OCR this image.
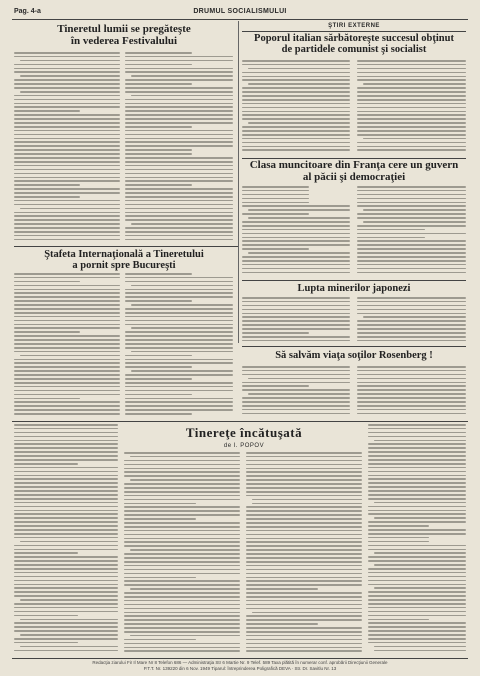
Pag. 4-a	DRUMUL SOCIALISMULUI
Tineretul lumii se pregăteşte
în vederea Festivalului
ŞTIRI EXTERNE
Poporul italian sărbătoreşte succesul obţinut
de partidele comunist şi socialist
Clasa muncitoare din Franţa cere un guvern
al păcii şi democraţiei
Ştafeta Internaţională a Tineretului
a pornit spre Bucureşti
Lupta minerilor japonezi
Să salvăm viaţa soţilor Rosenberg !
Tinereţe încătuşată
de I. POPOV
Redacţia ziarului Fir Il Mare Nr 8 Telefon 686 — Administraţia Str 6 Martie Nr. 9 Telef. 589 Taxa plătită în numerar conf. aprobării Direcţiunii Generale
P.T.T. Nr. 139220 din 6 Nov. 1949 Tiparul: Întreprinderea Poligrafică DEVA · Str. Dr. Savitlu Nr. 13
